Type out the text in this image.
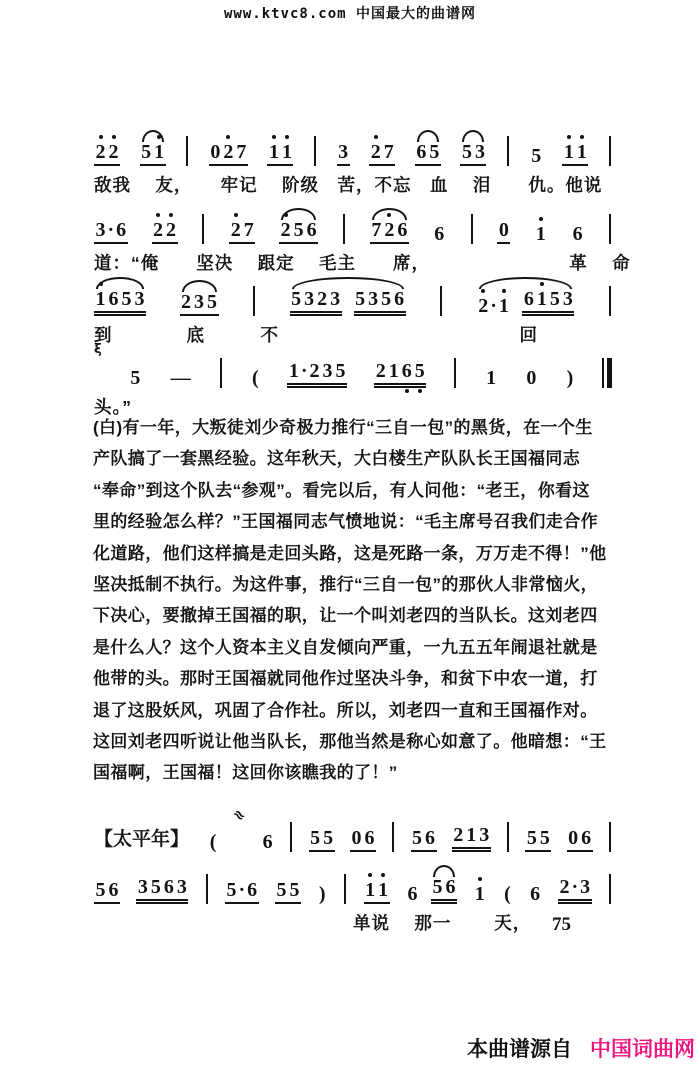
www.ktvc8.com 中国最大的曲谱网
2 2 5 1 0 2 7 1 1 3 2 7 6 5 5 3 5 1 1
敌我　 友，　　牢记　 阶级　苦，不忘　血　 泪　　仇。他说
3 · 6 2 2	2 7 2 5 6	7 2 6 6	0 1 6
道：“俺　　坚决　 跟定　 毛主　　席，　　　　　　　　革　 命
1 6 5 3 2 3 5	5 3 2 3 5 3 5 6	2 · 1 6 1 5 3
到　　　　底　　　不　　　　　　　　　　　　　回
ξ
5 —	( 1 · 2 3 5 2 1 6 5	1 0 )
头。”
【太平年】 (
≈
6 5 5 0 6 5 6 2 1 3 5 5 0 6
5 6 3 5 6 3 5 · 6 5 5 ) 1 1 6 5 6 1 ( 6 2 · 3
　　　　　　　　　　　　　　单说　 那一　　 天，
(白)有一年，大叛徒刘少奇极力推行“三自一包”的黑货，在一个生
产队搞了一套黑经验。这年秋天，大白楼生产队队长王国福同志
“奉命”到这个队去“参观”。看完以后，有人问他：“老王，你看这
里的经验怎么样？”王国福同志气愤地说：“毛主席号召我们走合作
化道路，他们这样搞是走回头路，这是死路一条，万万走不得！”他
坚决抵制不执行。为这件事，推行“三自一包”的那伙人非常恼火，
下决心，要撤掉王国福的职，让一个叫刘老四的当队长。这刘老四
是什么人？这个人资本主义自发倾向严重，一九五五年闹退社就是
他带的头。那时王国福就同他作过坚决斗争，和贫下中农一道，打
退了这股妖风，巩固了合作社。所以，刘老四一直和王国福作对。
这回刘老四听说让他当队长，那他当然是称心如意了。他暗想：“王
国福啊，王国福！这回你该瞧我的了！”
75
本曲谱源自 中国词曲网
